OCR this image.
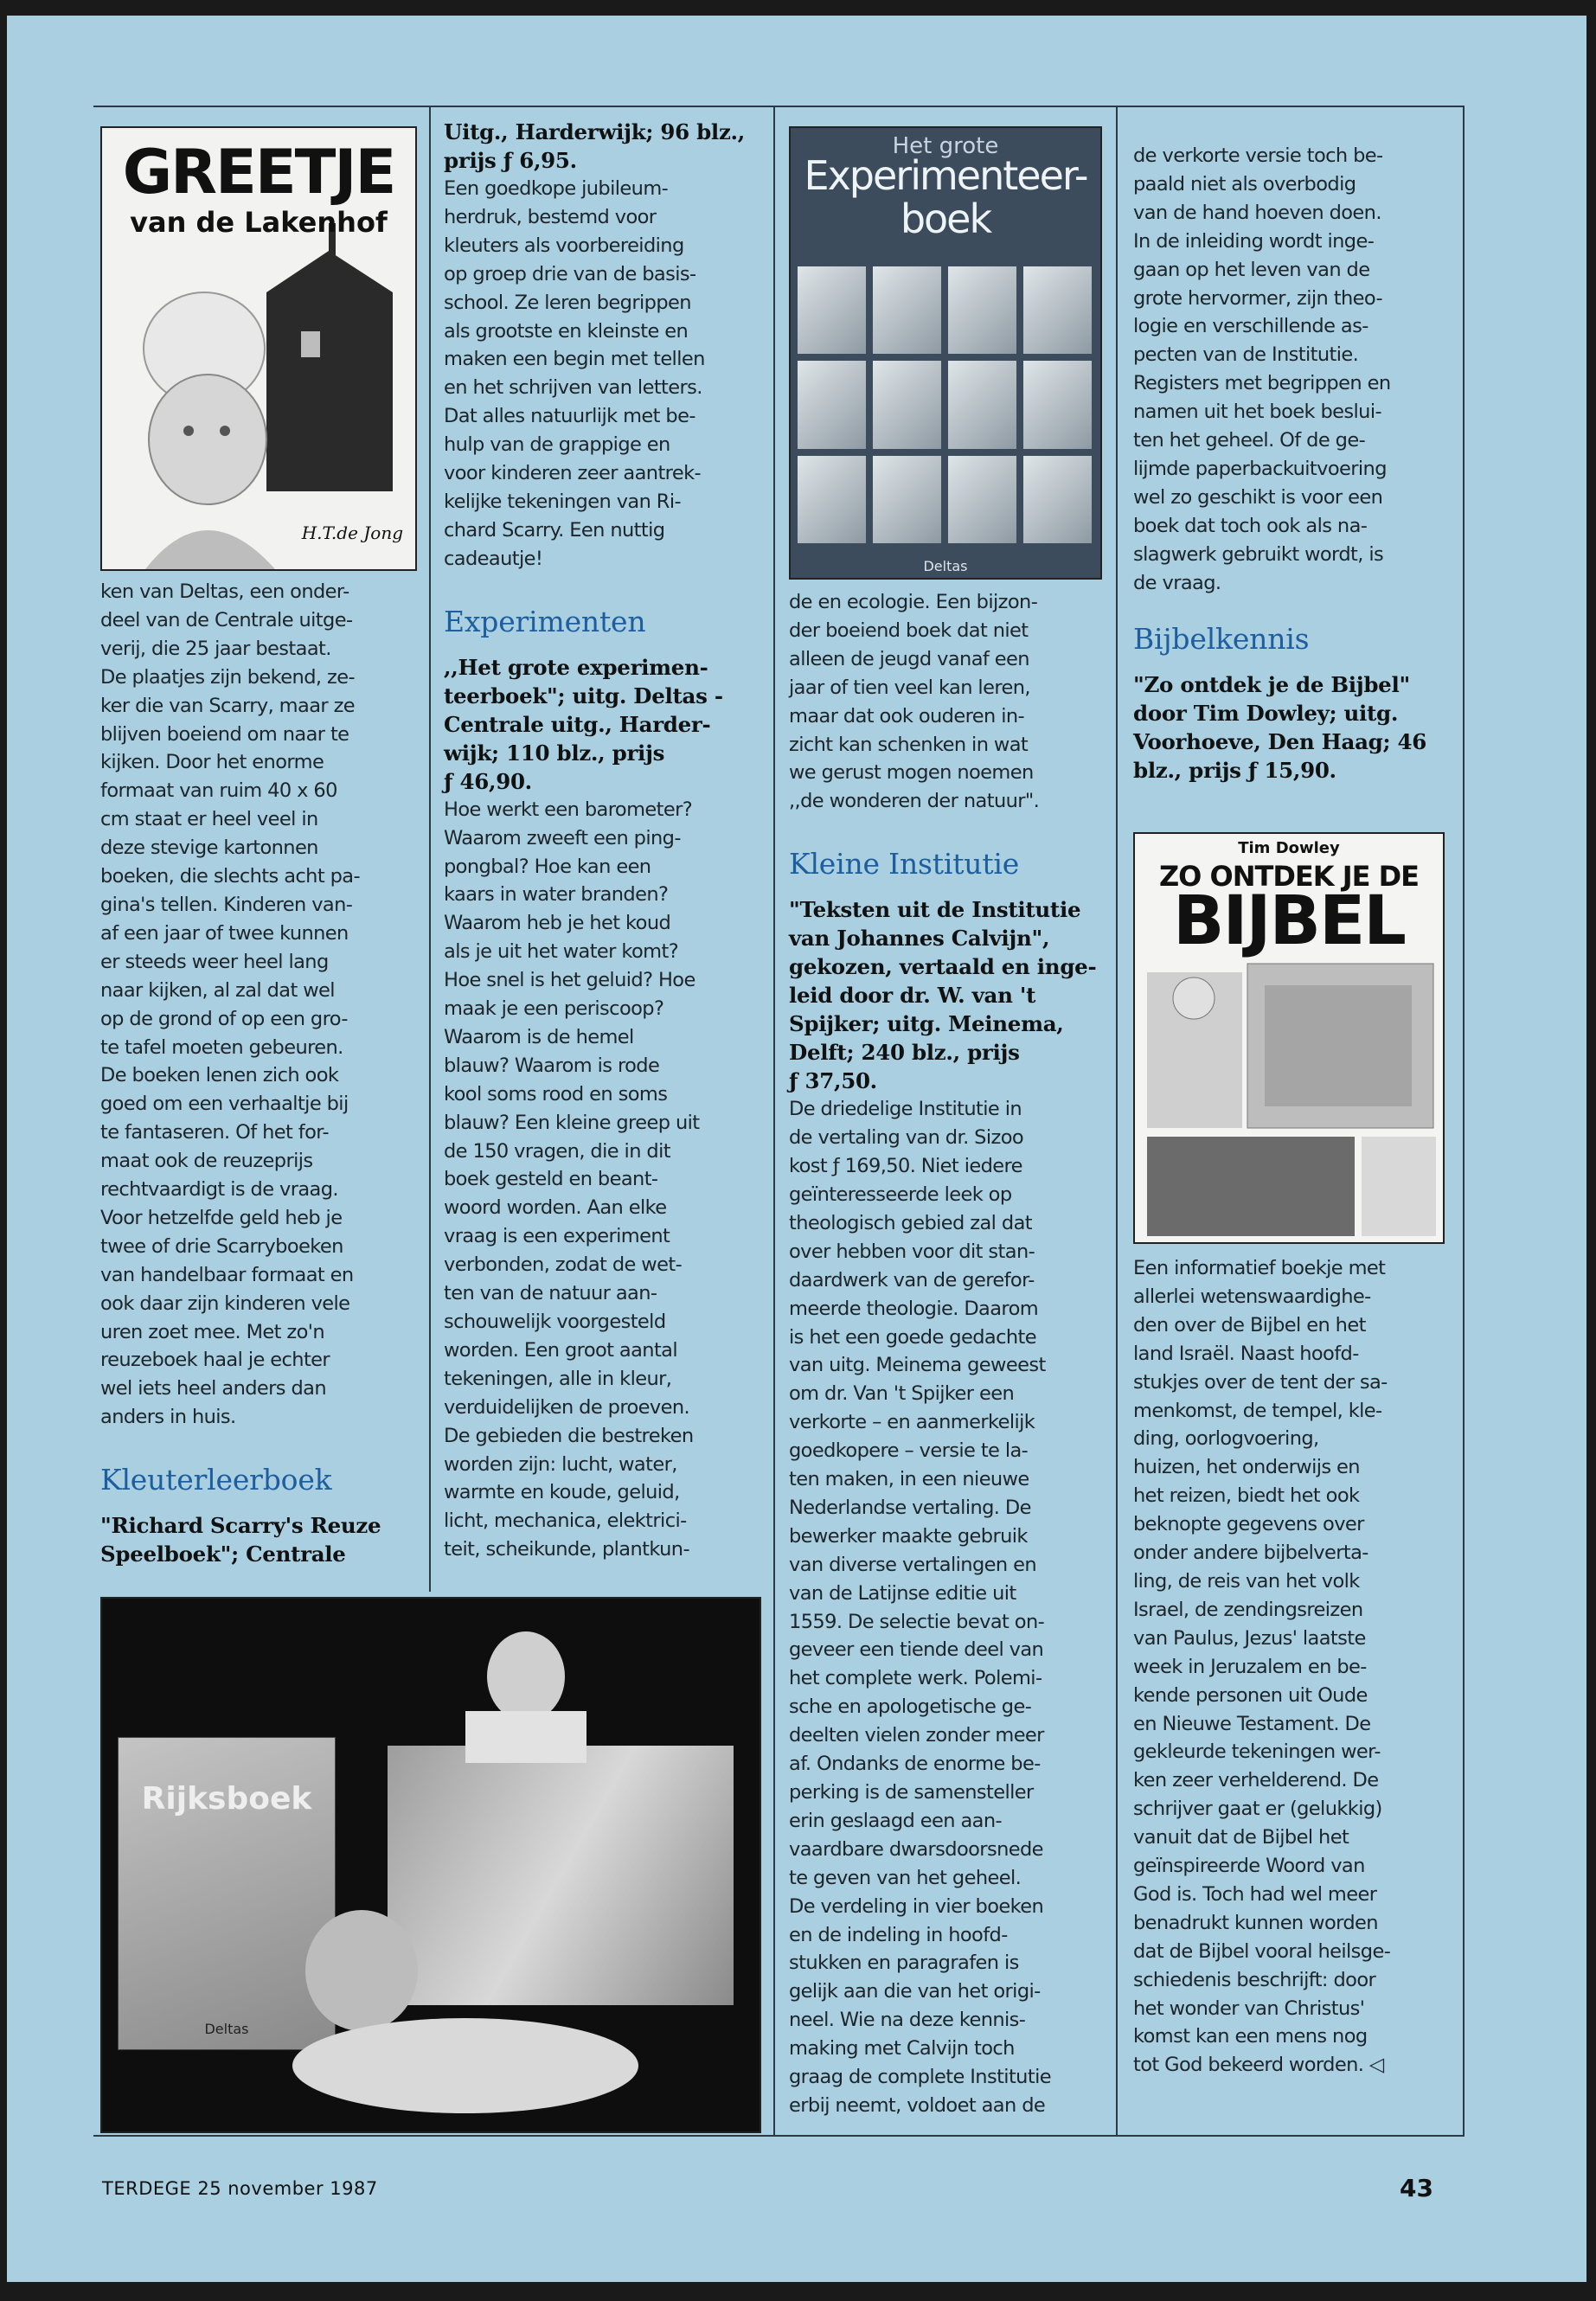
GREETJE
van de Lakenhof
H.T.de Jong
Het grote
Experimenteer-
boek
Deltas
Tim Dowley
ZO ONTDEK JE DE
BIJBEL
Rijksboek
Deltas
ken van Deltas, een onder-
deel van de Centrale uitge-
verij, die 25 jaar bestaat.
De plaatjes zijn bekend, ze-
ker die van Scarry, maar ze
blijven boeiend om naar te
kijken. Door het enorme
formaat van ruim 40 x 60
cm staat er heel veel in
deze stevige kartonnen
boeken, die slechts acht pa-
gina's tellen. Kinderen van-
af een jaar of twee kunnen
er steeds weer heel lang
naar kijken, al zal dat wel
op de grond of op een gro-
te tafel moeten gebeuren.
De boeken lenen zich ook
goed om een verhaaltje bij
te fantaseren. Of het for-
maat ook de reuzeprijs
rechtvaardigt is de vraag.
Voor hetzelfde geld heb je
twee of drie Scarryboeken
van handelbaar formaat en
ook daar zijn kinderen vele
uren zoet mee. Met zo'n
reuzeboek haal je echter
wel iets heel anders dan
anders in huis.

Kleuterleerboek

"Richard Scarry's Reuze
Speelboek"; Centrale
Uitg., Harderwijk; 96 blz.,
prijs ƒ 6,95.
Een goedkope jubileum-
herdruk, bestemd voor
kleuters als voorbereiding
op groep drie van de basis-
school. Ze leren begrippen
als grootste en kleinste en
maken een begin met tellen
en het schrijven van letters.
Dat alles natuurlijk met be-
hulp van de grappige en
voor kinderen zeer aantrek-
kelijke tekeningen van Ri-
chard Scarry. Een nuttig
cadeautje!

Experimenten

,,Het grote experimen-
teerboek"; uitg. Deltas -
Centrale uitg., Harder-
wijk; 110 blz., prijs
ƒ 46,90.
Hoe werkt een barometer?
Waarom zweeft een ping-
pongbal? Hoe kan een
kaars in water branden?
Waarom heb je het koud
als je uit het water komt?
Hoe snel is het geluid? Hoe
maak je een periscoop?
Waarom is de hemel
blauw? Waarom is rode
kool soms rood en soms
blauw? Een kleine greep uit
de 150 vragen, die in dit
boek gesteld en beant-
woord worden. Aan elke
vraag is een experiment
verbonden, zodat de wet-
ten van de natuur aan-
schouwelijk voorgesteld
worden. Een groot aantal
tekeningen, alle in kleur,
verduidelijken de proeven.
De gebieden die bestreken
worden zijn: lucht, water,
warmte en koude, geluid,
licht, mechanica, elektrici-
teit, scheikunde, plantkun-
de en ecologie. Een bijzon-
der boeiend boek dat niet
alleen de jeugd vanaf een
jaar of tien veel kan leren,
maar dat ook ouderen in-
zicht kan schenken in wat
we gerust mogen noemen
,,de wonderen der natuur".

Kleine Institutie

"Teksten uit de Institutie
van Johannes Calvijn",
gekozen, vertaald en inge-
leid door dr. W. van 't
Spijker; uitg. Meinema,
Delft; 240 blz., prijs
ƒ 37,50.
De driedelige Institutie in
de vertaling van dr. Sizoo
kost ƒ 169,50. Niet iedere
geïnteresseerde leek op
theologisch gebied zal dat
over hebben voor dit stan-
daardwerk van de gerefor-
meerde theologie. Daarom
is het een goede gedachte
van uitg. Meinema geweest
om dr. Van 't Spijker een
verkorte – en aanmerkelijk
goedkopere – versie te la-
ten maken, in een nieuwe
Nederlandse vertaling. De
bewerker maakte gebruik
van diverse vertalingen en
van de Latijnse editie uit
1559. De selectie bevat on-
geveer een tiende deel van
het complete werk. Polemi-
sche en apologetische ge-
deelten vielen zonder meer
af. Ondanks de enorme be-
perking is de samensteller
erin geslaagd een aan-
vaardbare dwarsdoorsnede
te geven van het geheel.
De verdeling in vier boeken
en de indeling in hoofd-
stukken en paragrafen is
gelijk aan die van het origi-
neel. Wie na deze kennis-
making met Calvijn toch
graag de complete Institutie
erbij neemt, voldoet aan de
de verkorte versie toch be-
paald niet als overbodig
van de hand hoeven doen.
In de inleiding wordt inge-
gaan op het leven van de
grote hervormer, zijn theo-
logie en verschillende as-
pecten van de Institutie.
Registers met begrippen en
namen uit het boek beslui-
ten het geheel. Of de ge-
lijmde paperbackuitvoering
wel zo geschikt is voor een
boek dat toch ook als na-
slagwerk gebruikt wordt, is
de vraag.

Bijbelkennis

"Zo ontdek je de Bijbel"
door Tim Dowley; uitg.
Voorhoeve, Den Haag; 46
blz., prijs ƒ 15,90.
Een informatief boekje met
allerlei wetenswaardighe-
den over de Bijbel en het
land Israël. Naast hoofd-
stukjes over de tent der sa-
menkomst, de tempel, kle-
ding, oorlogvoering,
huizen, het onderwijs en
het reizen, biedt het ook
beknopte gegevens over
onder andere bijbelverta-
ling, de reis van het volk
Israel, de zendingsreizen
van Paulus, Jezus' laatste
week in Jeruzalem en be-
kende personen uit Oude
en Nieuwe Testament. De
gekleurde tekeningen wer-
ken zeer verhelderend. De
schrijver gaat er (gelukkig)
vanuit dat de Bijbel het
geïnspireerde Woord van
God is. Toch had wel meer
benadrukt kunnen worden
dat de Bijbel vooral heilsge-
schiedenis beschrijft: door
het wonder van Christus'
komst kan een mens nog
tot God bekeerd worden. ◁
TERDEGE 25 november 1987	43
